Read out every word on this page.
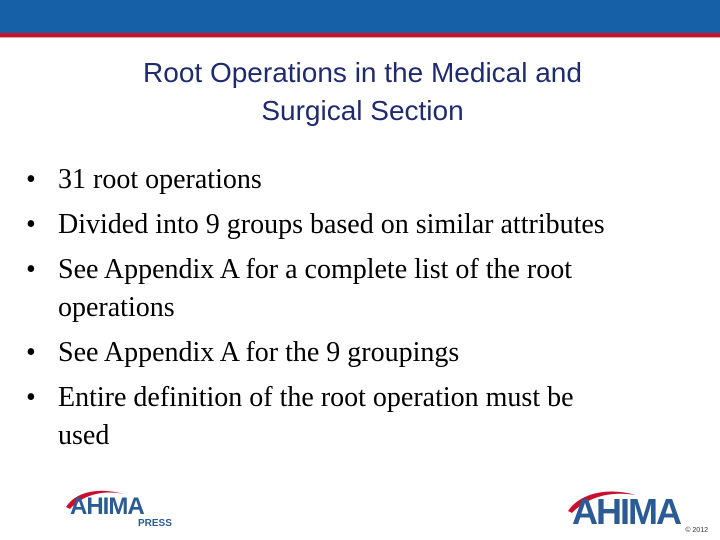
Root Operations in the Medical and
Surgical Section
• 31 root operations
• Divided into 9 groups based on similar attributes
• See Appendix A for a complete list of the root
operations
• See Appendix A for the 9 groupings
• Entire definition of the root operation must be
used
AHIMA
PRESS	AHIMA © 2012
